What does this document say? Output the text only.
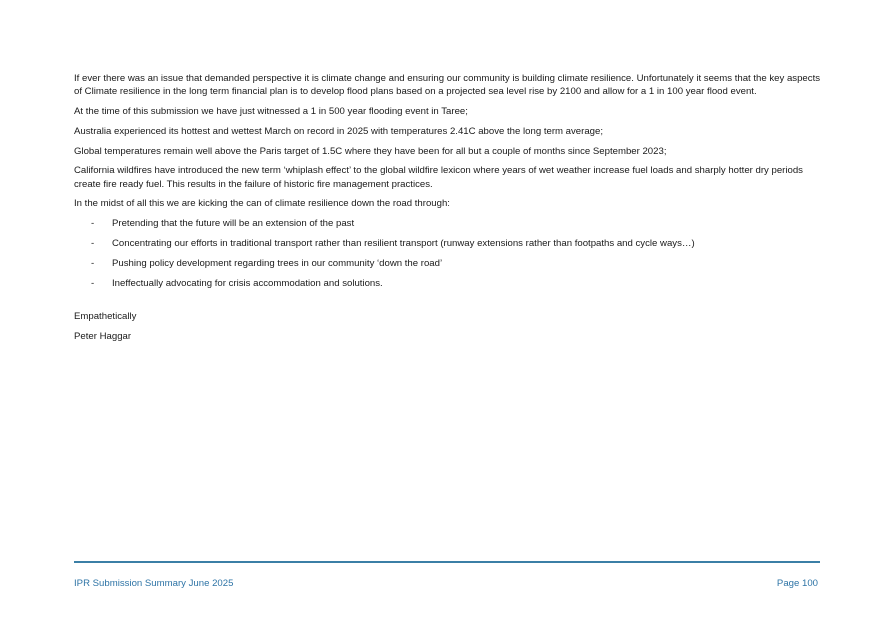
If ever there was an issue that demanded perspective it is climate change and ensuring our community is building climate resilience. Unfortunately it seems that the key aspects of Climate resilience in the long term financial plan is to develop flood plans based on a projected sea level rise by 2100 and allow for a 1 in 100 year flood event.

At the time of this submission we have just witnessed a 1 in 500 year flooding event in Taree;

Australia experienced its hottest and wettest March on record in 2025 with temperatures 2.41C above the long term average;

Global temperatures remain well above the Paris target of 1.5C where they have been for all but a couple of months since September 2023;

California wildfires have introduced the new term ‘whiplash effect’ to the global wildfire lexicon where years of wet weather increase fuel loads and sharply hotter dry periods create fire ready fuel. This results in the failure of historic fire management practices.

In the midst of all this we are kicking the can of climate resilience down the road through:

- Pretending that the future will be an extension of the past
- Concentrating our efforts in traditional transport rather than resilient transport (runway extensions rather than footpaths and cycle ways…)
- Pushing policy development regarding trees in our community ‘down the road’
- Ineffectually advocating for crisis accommodation and solutions.

Empathetically

Peter Haggar

IPR Submission Summary June 2025	Page 100
